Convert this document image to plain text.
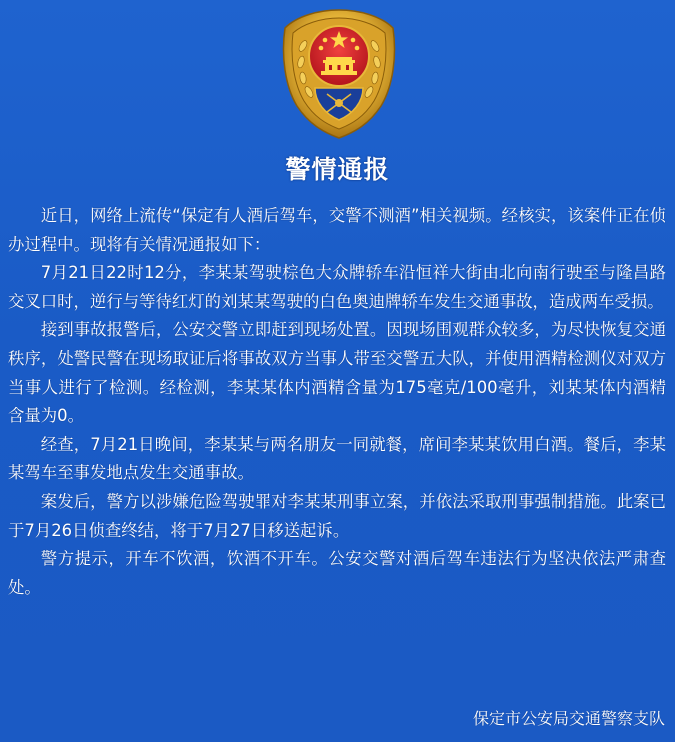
警情通报

近日，网络上流传“保定有人酒后驾车，交警不测酒”相关视频。经核实，该案件正在侦办过程中。现将有关情况通报如下：

7月21日22时12分，李某某驾驶棕色大众牌轿车沿恒祥大街由北向南行驶至与隆昌路交叉口时，逆行与等待红灯的刘某某驾驶的白色奥迪牌轿车发生交通事故，造成两车受损。

接到事故报警后，公安交警立即赶到现场处置。因现场围观群众较多，为尽快恢复交通秩序，处警民警在现场取证后将事故双方当事人带至交警五大队，并使用酒精检测仪对双方当事人进行了检测。经检测，李某某体内酒精含量为175毫克/100毫升，刘某某体内酒精含量为0。

经查，7月21日晚间，李某某与两名朋友一同就餐，席间李某某饮用白酒。餐后，李某某驾车至事发地点发生交通事故。

案发后，警方以涉嫌危险驾驶罪对李某某刑事立案，并依法采取刑事强制措施。此案已于7月26日侦查终结，将于7月27日移送起诉。

警方提示，开车不饮酒，饮酒不开车。公安交警对酒后驾车违法行为坚决依法严肃查处。

保定市公安局交通警察支队
